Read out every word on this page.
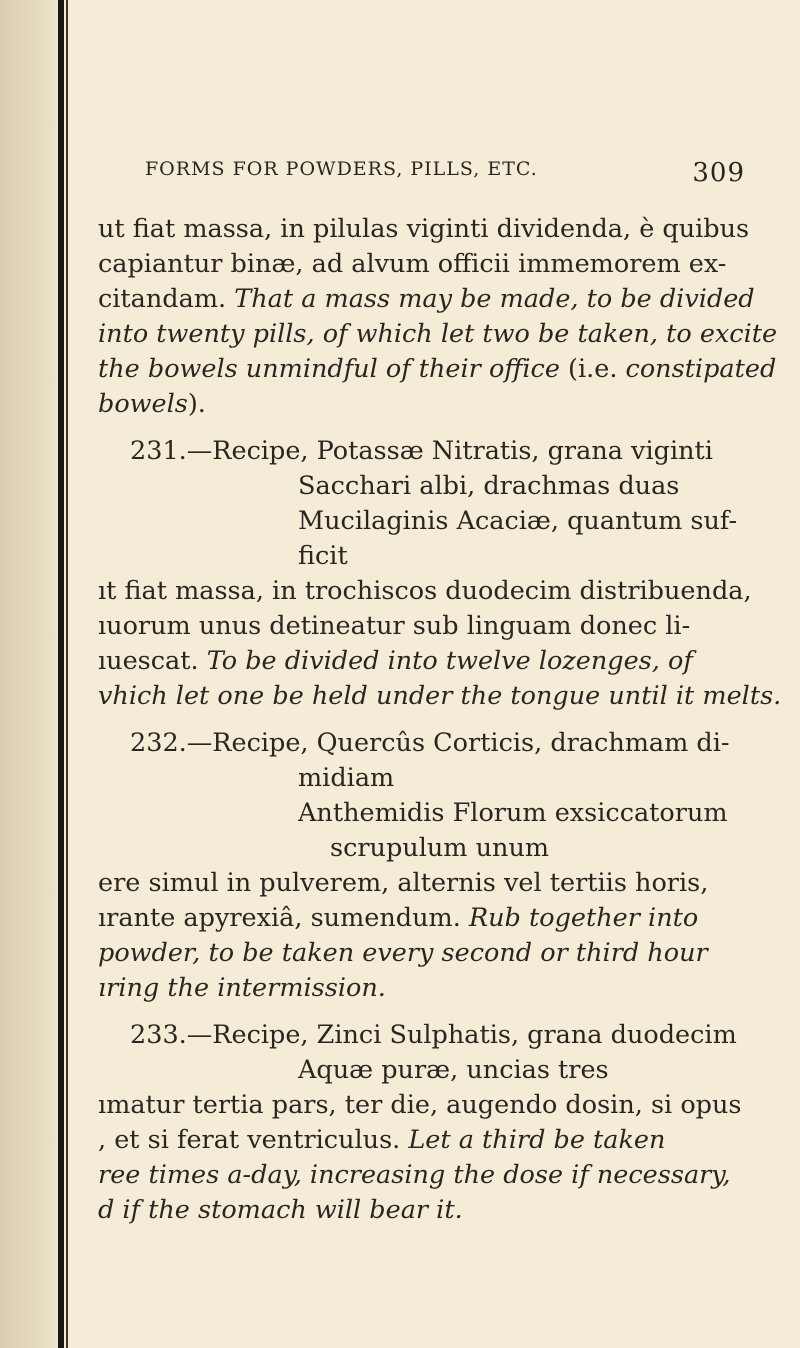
FORMS FOR POWDERS, PILLS, ETC.	309
ut fiat massa, in pilulas viginti dividenda, è quibus
capiantur binæ, ad alvum officii immemorem ex-
citandam. That a mass may be made, to be divided
into twenty pills, of which let two be taken, to excite
the bowels unmindful of their office (i.e. constipated
bowels).
231.—Recipe, Potassæ Nitratis, grana viginti
Sacchari albi, drachmas duas
Mucilaginis Acaciæ, quantum suf-
ficit
ıt fiat massa, in trochiscos duodecim distribuenda,
ıuorum unus detineatur sub linguam donec li-
ıuescat. To be divided into twelve lozenges, of
vhich let one be held under the tongue until it melts.
232.—Recipe, Quercûs Corticis, drachmam di-
midiam
Anthemidis Florum exsiccatorum
scrupulum unum
ere simul in pulverem, alternis vel tertiis horis,
ırante apyrexiâ, sumendum. Rub together into
powder, to be taken every second or third hour
ıring the intermission.
233.—Recipe, Zinci Sulphatis, grana duodecim
Aquæ puræ, uncias tres
ımatur tertia pars, ter die, augendo dosin, si opus
, et si ferat ventriculus. Let a third be taken
ree times a-day, increasing the dose if necessary,
d if the stomach will bear it.
